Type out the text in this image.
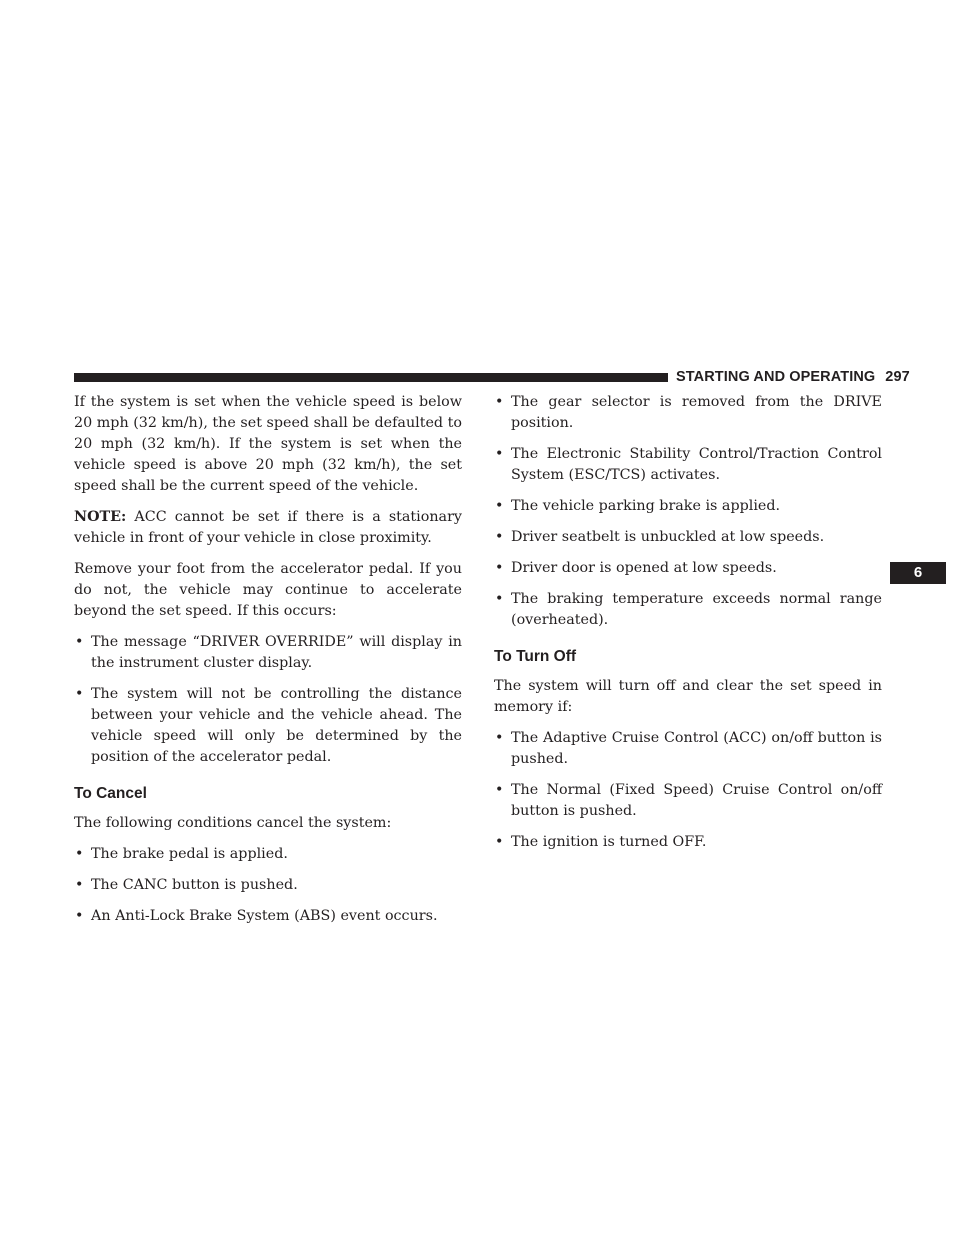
STARTING AND OPERATING 297
6

If the system is set when the vehicle speed is below 20 mph (32 km/h), the set speed shall be defaulted to 20 mph (32 km/h). If the system is set when the vehicle speed is above 20 mph (32 km/h), the set speed shall be the current speed of the vehicle.

NOTE: ACC cannot be set if there is a stationary vehicle in front of your vehicle in close proximity.

Remove your foot from the accelerator pedal. If you do not, the vehicle may continue to accelerate beyond the set speed. If this occurs:

• The message “DRIVER OVERRIDE” will display in the instrument cluster display.
• The system will not be controlling the distance between your vehicle and the vehicle ahead. The vehicle speed will only be determined by the position of the accelerator pedal.
To Cancel

The following conditions cancel the system:

• The brake pedal is applied.
• The CANC button is pushed.
• An Anti-Lock Brake System (ABS) event occurs.
• The gear selector is removed from the DRIVE position.
• The Electronic Stability Control/Traction Control System (ESC/TCS) activates.
• The vehicle parking brake is applied.
• Driver seatbelt is unbuckled at low speeds.
• Driver door is opened at low speeds.
• The braking temperature exceeds normal range (overheated).
To Turn Off

The system will turn off and clear the set speed in memory if:

• The Adaptive Cruise Control (ACC) on/off button is pushed.
• The Normal (Fixed Speed) Cruise Control on/off button is pushed.
• The ignition is turned OFF.
